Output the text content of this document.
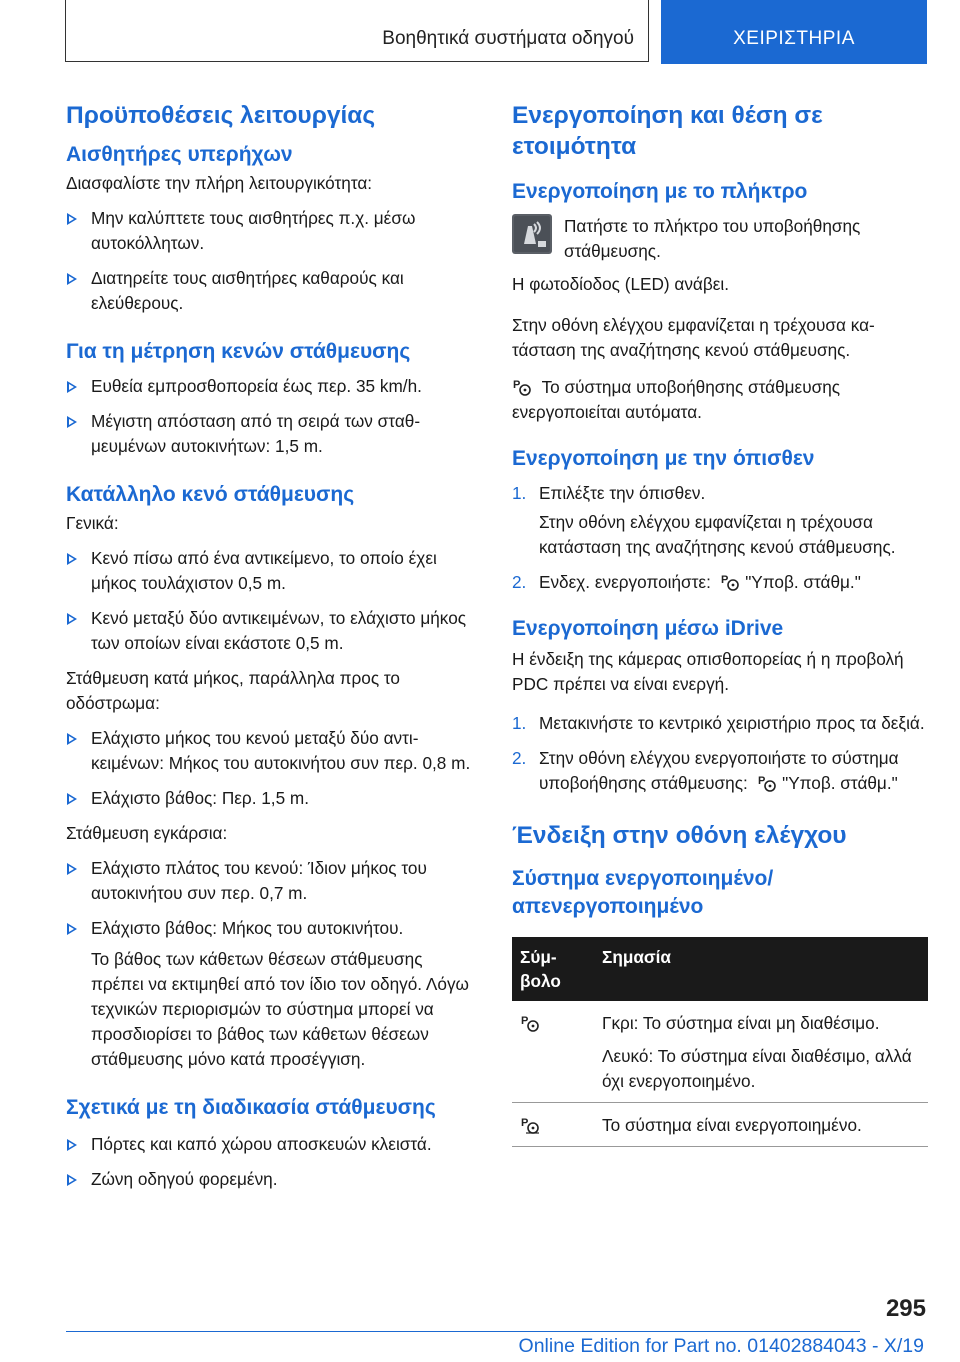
Βοηθητικά συστήματα οδηγού	ΧΕΙΡΙΣΤΗΡΙΑ
Προϋποθέσεις λειτουργίας
Αισθητήρες υπερήχων

Διασφαλίστε την πλήρη λειτουργικότητα:

Μην καλύπτετε τους αισθητήρες π.χ. μέσω αυτοκόλλητων.
Διατηρείτε τους αισθητήρες καθαρούς και ελεύθερους.
Για τη μέτρηση κενών στάθμευσης
Ευθεία εμπροσθοπορεία έως περ. 35 km/h.
Μέγιστη απόσταση από τη σειρά των σταθμευμένων αυτοκινήτων: 1,5 m.
Κατάλληλο κενό στάθμευσης

Γενικά:

Κενό πίσω από ένα αντικείμενο, το οποίο έχει μήκος τουλάχιστον 0,5 m.
Κενό μεταξύ δύο αντικειμένων, το ελάχιστο μήκος των οποίων είναι εκάστοτε 0,5 m.

Στάθμευση κατά μήκος, παράλληλα προς το οδόστρωμα:

Ελάχιστο μήκος του κενού μεταξύ δύο αντικειμένων: Μήκος του αυτοκινήτου συν περ. 0,8 m.
Ελάχιστο βάθος: Περ. 1,5 m.

Στάθμευση εγκάρσια:

Ελάχιστο πλάτος του κενού: Ίδιον μήκος του αυτοκινήτου συν περ. 0,7 m.
Ελάχιστο βάθος: Μήκος του αυτοκινήτου.

Το βάθος των κάθετων θέσεων στάθμευσης πρέπει να εκτιμηθεί από τον ίδιο τον οδηγό. Λόγω τεχνικών περιορισμών το σύστημα μπορεί να προσδιορίσει το βάθος των κάθετων θέσεων στάθμευσης μόνο κατά προσέγγιση.

Σχετικά με τη διαδικασία στάθμευσης
Πόρτες και καπό χώρου αποσκευών κλειστά.
Ζώνη οδηγού φορεμένη.
Ενεργοποίηση και θέση σε ετοιμότητα
Ενεργοποίηση με το πλήκτρο

Πατήστε το πλήκτρο του υποβοήθησης στάθμευσης.

Η φωτοδίοδος (LED) ανάβει.

Στην οθόνη ελέγχου εμφανίζεται η τρέχουσα κατάσταση της αναζήτησης κενού στάθμευσης.

P Το σύστημα υποβοήθησης στάθμευσης ενεργοποιείται αυτόματα.

Ενεργοποίηση με την όπισθεν
1. Επιλέξτε την όπισθεν.

Στην οθόνη ελέγχου εμφανίζεται η τρέχουσα κατάσταση της αναζήτησης κενού στάθμευσης.

2. Ενδεχ. ενεργοποιήστε: P "Υποβ. στάθμ."
Ενεργοποίηση μέσω iDrive

Η ένδειξη της κάμερας οπισθοπορείας ή η προβολή PDC πρέπει να είναι ενεργή.

1. Μετακινήστε το κεντρικό χειριστήριο προς τα δεξιά.
2. Στην οθόνη ελέγχου ενεργοποιήστε το σύστημα υποβοήθησης στάθμευσης: P "Υποβ. στάθμ."
Ένδειξη στην οθόνη ελέγχου
Σύστημα ενεργοποιημένο/ απενεργοποιημένο
Σύμβολο	Σημασία

P	Γκρι: Το σύστημα είναι μη διαθέσιμο.
Λευκό: Το σύστημα είναι διαθέσιμο, αλλά όχι ενεργοποιημένο.

P	Το σύστημα είναι ενεργοποιημένο.
295
Online Edition for Part no. 01402884043 - X/19
